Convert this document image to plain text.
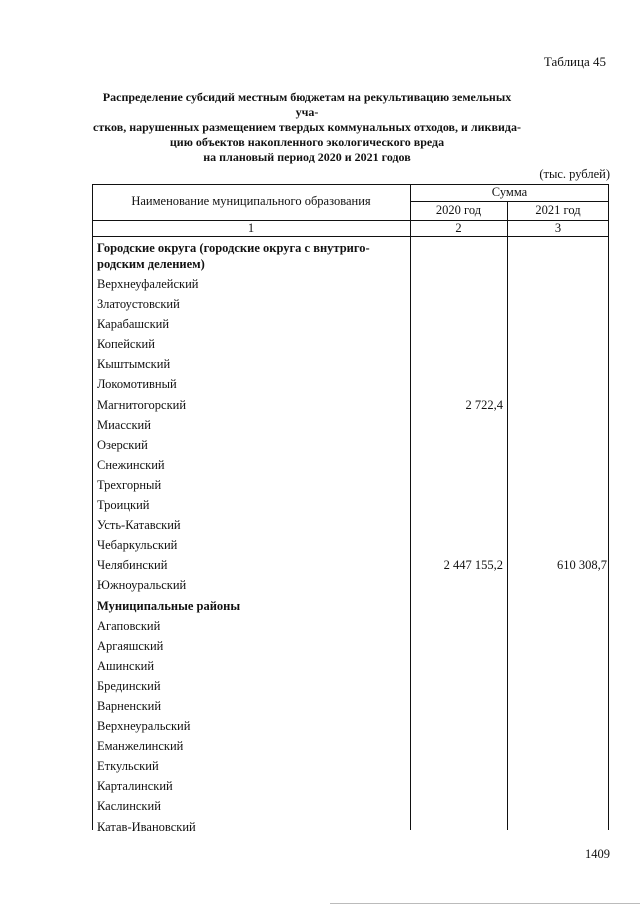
Таблица 45
Распределение субсидий местным бюджетам на рекультивацию земельных уча-
стков, нарушенных размещением твердых коммунальных отходов, и ликвида-
цию объектов накопленного экологического вреда
на плановый период 2020 и 2021 годов
(тыс. рублей)
Наименование муниципального образования
Сумма
2020 год	2021 год
1	2	3
Городские округа (городские округа с внутриго-родским делением)
Верхнеуфалейский
Златоустовский
Карабашский
Копейский
Кыштымский
Локомотивный
Магнитогорский	2 722,4
Миасский
Озерский
Снежинский
Трехгорный
Троицкий
Усть-Катавский
Чебаркульский
Челябинский	2 447 155,2	610 308,7
Южноуральский
Муниципальные районы
Агаповский
Аргаяшский
Ашинский
Брединский
Варненский
Верхнеуральский
Еманжелинский
Еткульский
Карталинский
Каслинский
Катав-Ивановский
1409
